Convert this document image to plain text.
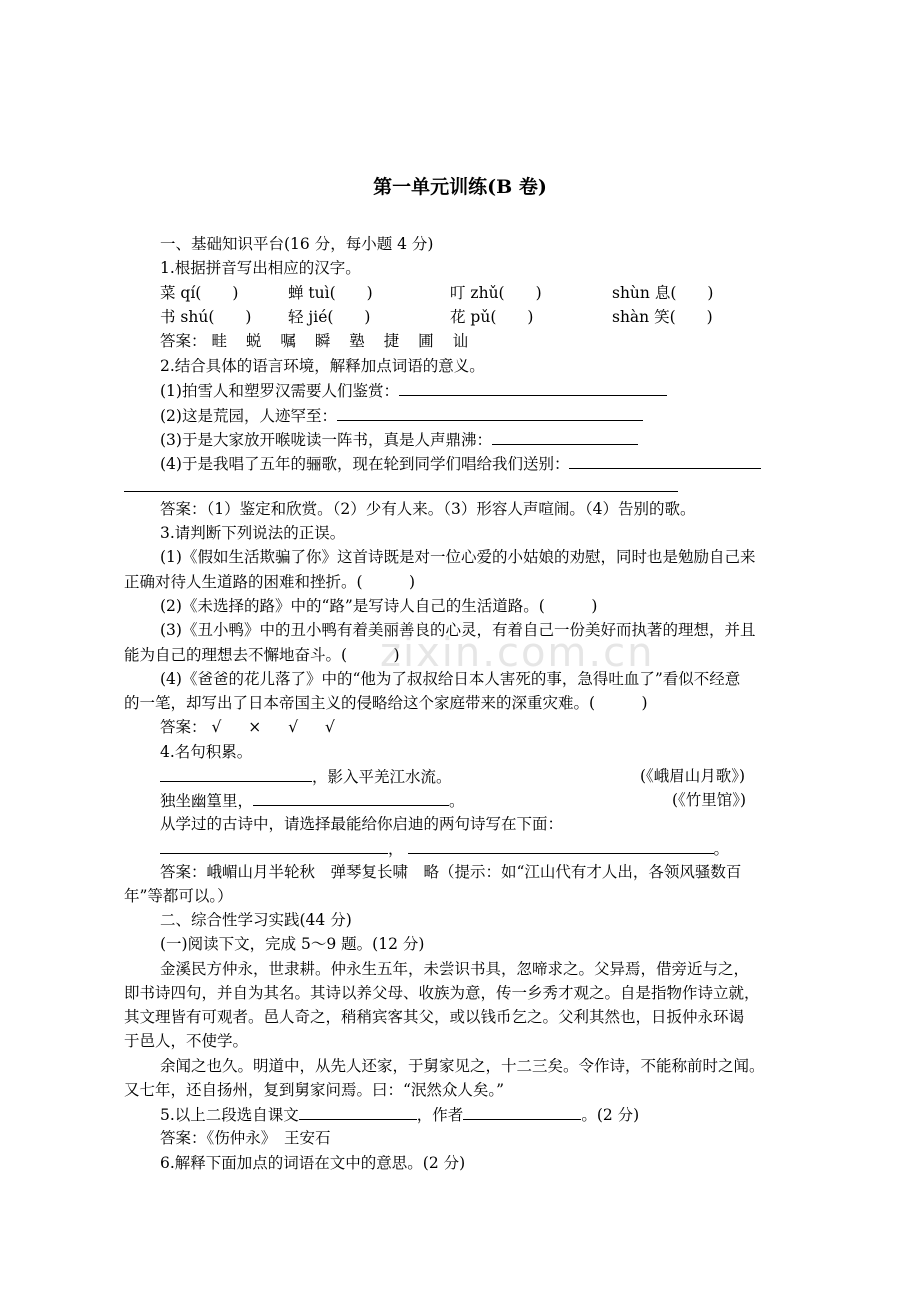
第一单元训练(B 卷)
zixin.com.cn
一、基础知识平台(16 分，每小题 4 分)
1.根据拼音写出相应的汉字。
菜 qí(　　)	蝉 tuì(　　)	叮 zhǔ(　　)	shùn 息(　　)
书 shú(　　) 轻 jié(　　)	花 pǔ(　　)	shàn 笑(　　)
答案： 畦 蜕 嘱 瞬 塾 捷 圃 讪
2.结合具体的语言环境，解释加点词语的意义。
(1)拍雪人和塑罗汉需要人们鉴赏：
(2)这是荒园，人迹罕至：
(3)于是大家放开喉咙读一阵书，真是人声鼎沸：
(4)于是我唱了五年的骊歌，现在轮到同学们唱给我们送别：
答案：（1）鉴定和欣赏。（2）少有人来。（3）形容人声喧闹。（4）告别的歌。
3.请判断下列说法的正误。
(1)《假如生活欺骗了你》这首诗既是对一位心爱的小姑娘的劝慰，同时也是勉励自己来
正确对待人生道路的困难和挫折。(　　　)
(2)《未选择的路》中的“路”是写诗人自己的生活道路。(　　　)
(3)《丑小鸭》中的丑小鸭有着美丽善良的心灵，有着自己一份美好而执著的理想，并且
能为自己的理想去不懈地奋斗。(　　　)
(4)《爸爸的花儿落了》中的“他为了叔叔给日本人害死的事，急得吐血了”看似不经意
的一笔，却写出了日本帝国主义的侵略给这个家庭带来的深重灾难。(　　　)
答案： √ × √ √
4.名句积累。
，影入平羌江水流。	(《峨眉山月歌》)
独坐幽篁里，	。	(《竹里馆》)
从学过的古诗中，请选择最能给你启迪的两句诗写在下面：
，	。
答案：峨嵋山月半轮秋　弹琴复长啸　略（提示：如“江山代有才人出，各领风骚数百
年”等都可以。）
二、综合性学习实践(44 分)
(一)阅读下文，完成 5～9 题。(12 分)
金溪民方仲永，世隶耕。仲永生五年，未尝识书具，忽啼求之。父异焉，借旁近与之，
即书诗四句，并自为其名。其诗以养父母、收族为意，传一乡秀才观之。自是指物作诗立就，
其文理皆有可观者。邑人奇之，稍稍宾客其父，或以钱币乞之。父利其然也，日扳仲永环谒
于邑人，不使学。
余闻之也久。明道中，从先人还家，于舅家见之，十二三矣。令作诗，不能称前时之闻。
又七年，还自扬州，复到舅家问焉。曰：“泯然众人矣。”
5.以上二段选自课文	，作者	。(2 分)
答案：《伤仲永》　王安石
6.解释下面加点的词语在文中的意思。(2 分)
